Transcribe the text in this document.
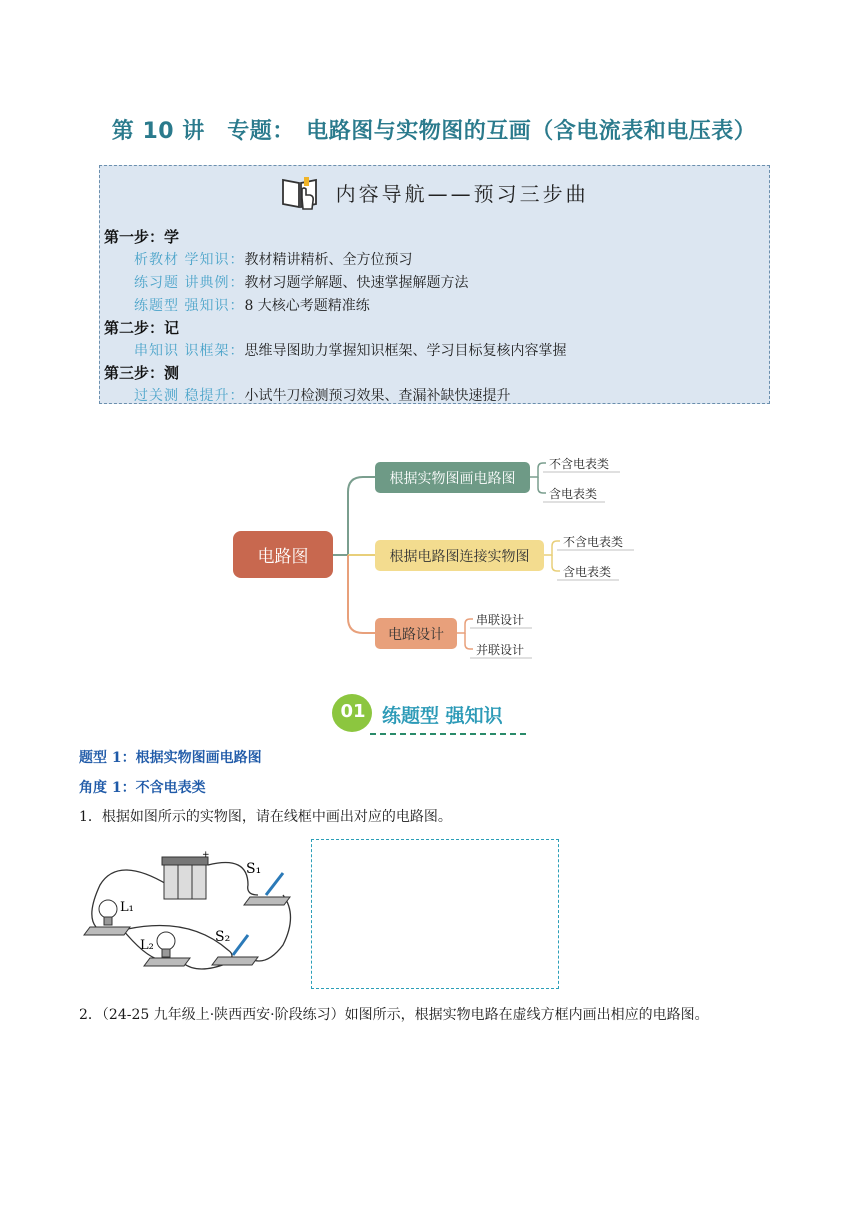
第 10 讲　专题：　电路图与实物图的互画（含电流表和电压表）
内容导航——预习三步曲
第一步：学
析教材 学知识：教材精讲精析、全方位预习
练习题 讲典例：教材习题学解题、快速掌握解题方法
练题型 强知识：8 大核心考题精准练
第二步：记
串知识 识框架：思维导图助力掌握知识框架、学习目标复核内容掌握
第三步：测
过关测 稳提升：小试牛刀检测预习效果、查漏补缺快速提升
电路图
根据实物图画电路图
根据电路图连接实物图
电路设计
不含电表类
含电表类
不含电表类
含电表类
串联设计
并联设计
01 练题型 强知识
题型 1：根据实物图画电路图
角度 1：不含电表类
1．根据如图所示的实物图，请在线框中画出对应的电路图。
+
S₁
L₁
L₂
S₂
2．（24-25 九年级上·陕西西安·阶段练习）如图所示，根据实物电路在虚线方框内画出相应的电路图。
